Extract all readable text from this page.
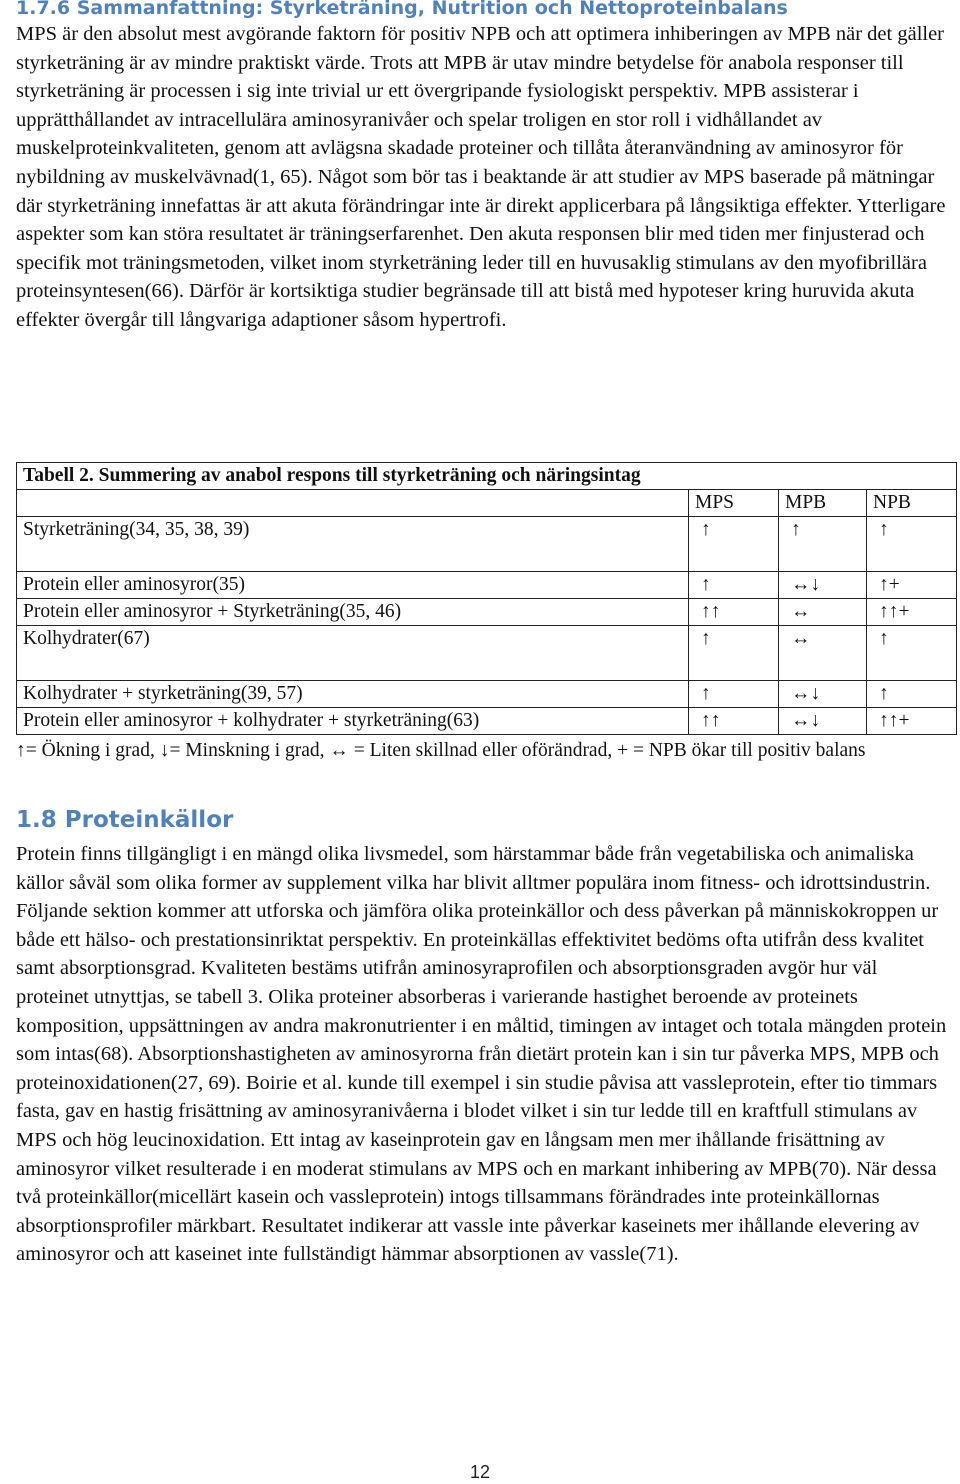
1.7.6 Sammanfattning: Styrketräning, Nutrition och Nettoproteinbalans

MPS är den absolut mest avgörande faktorn för positiv NPB och att optimera inhiberingen av MPB när det gäller styrketräning är av mindre praktiskt värde. Trots att MPB är utav mindre betydelse för anabola responser till styrketräning är processen i sig inte trivial ur ett övergripande fysiologiskt perspektiv. MPB assisterar i upprätthållandet av intracellulära aminosyranivåer och spelar troligen en stor roll i vidhållandet av muskelproteinkvaliteten, genom att avlägsna skadade proteiner och tillåta återanvändning av aminosyror för nybildning av muskelvävnad(1, 65). Något som bör tas i beaktande är att studier av MPS baserade på mätningar där styrketräning innefattas är att akuta förändringar inte är direkt applicerbara på långsiktiga effekter. Ytterligare aspekter som kan störa resultatet är träningserfarenhet. Den akuta responsen blir med tiden mer finjusterad och specifik mot träningsmetoden, vilket inom styrketräning leder till en huvusaklig stimulans av den myofibrillära proteinsyntesen(66). Därför är kortsiktiga studier begränsade till att bistå med hypoteser kring huruvida akuta effekter övergår till långvariga adaptioner såsom hypertrofi.

Tabell 2. Summering av anabol respons till styrketräning och näringsintag			
	MPS	MPB	NPB
Styrketräning(34, 35, 38, 39)	↑	↑	↑
Protein eller aminosyror(35)	↑	↔↓	↑+
Protein eller aminosyror + Styrketräning(35, 46)	↑↑	↔	↑↑+
Kolhydrater(67)	↑	↔	↑
Kolhydrater + styrketräning(39, 57)	↑	↔↓	↑
Protein eller aminosyror + kolhydrater + styrketräning(63)	↑↑	↔↓	↑↑+

↑= Ökning i grad, ↓= Minskning i grad, ↔ = Liten skillnad eller oförändrad, + = NPB ökar till positiv balans

1.8 Proteinkällor

Protein finns tillgängligt i en mängd olika livsmedel, som härstammar både från vegetabiliska och animaliska källor såväl som olika former av supplement vilka har blivit alltmer populära inom fitness- och idrottsindustrin. Följande sektion kommer att utforska och jämföra olika proteinkällor och dess påverkan på människokroppen ur både ett hälso- och prestationsinriktat perspektiv. En proteinkällas effektivitet bedöms ofta utifrån dess kvalitet samt absorptionsgrad. Kvaliteten bestäms utifrån aminosyraprofilen och absorptionsgraden avgör hur väl proteinet utnyttjas, se tabell 3. Olika proteiner absorberas i varierande hastighet beroende av proteinets komposition, uppsättningen av andra makronutrienter i en måltid, timingen av intaget och totala mängden protein som intas(68). Absorptionshastigheten av aminosyrorna från dietärt protein kan i sin tur påverka MPS, MPB och proteinoxidationen(27, 69). Boirie et al. kunde till exempel i sin studie påvisa att vassleprotein, efter tio timmars fasta, gav en hastig frisättning av aminosyranivåerna i blodet vilket i sin tur ledde till en kraftfull stimulans av MPS och hög leucinoxidation. Ett intag av kaseinprotein gav en långsam men mer ihållande frisättning av aminosyror vilket resulterade i en moderat stimulans av MPS och en markant inhibering av MPB(70). När dessa två proteinkällor(micellärt kasein och vassleprotein) intogs tillsammans förändrades inte proteinkällornas absorptionsprofiler märkbart. Resultatet indikerar att vassle inte påverkar kaseinets mer ihållande elevering av aminosyror och att kaseinet inte fullständigt hämmar absorptionen av vassle(71).

12
